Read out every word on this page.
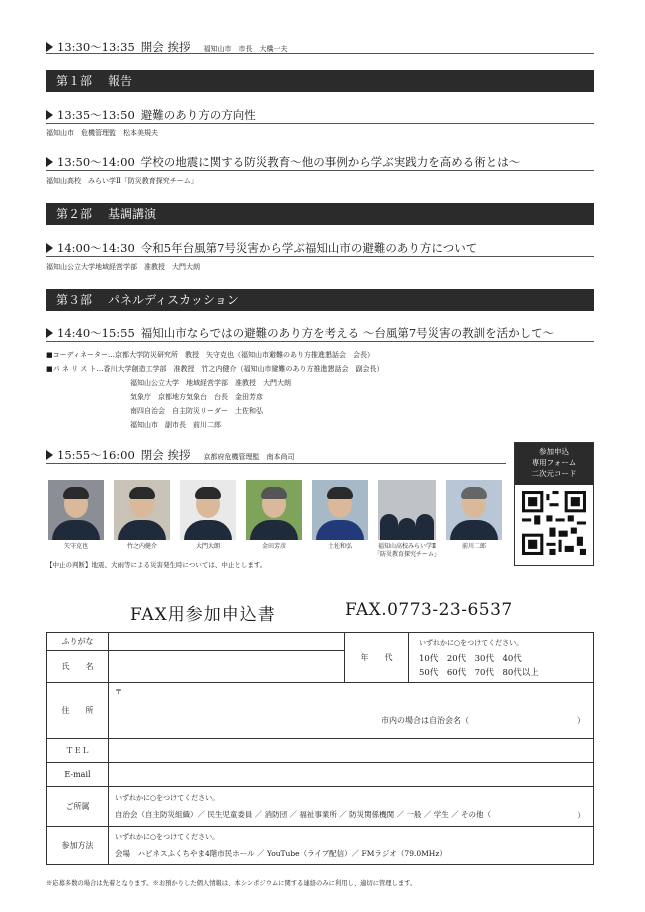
13:30〜13:35 開会 挨拶 福知山市　市長　大橋一夫
第１部 報告
13:35〜13:50 避難のあり方の方向性
福知山市　危機管理監　松本美規夫
13:50〜14:00 学校の地震に関する防災教育〜他の事例から学ぶ実践力を高める術とは〜
福知山高校　みらい学Ⅱ「防災教育探究チーム」
第２部 基調講演
14:00〜14:30 令和5年台風第7号災害から学ぶ福知山市の避難のあり方について
福知山公立大学地域経営学部　准教授　大門大朗
第３部 パネルディスカッション
14:40〜15:55 福知山市ならではの避難のあり方を考える 〜台風第7号災害の教訓を活かして〜
■コーディネーター…京都大学防災研究所　教授　矢守克也（福知山市避難のあり方推進懇話会　会長）
■パ ネ リ ス ト…香川大学創造工学部　准教授　竹之内健介（福知山市避難のあり方推進懇話会　副会長）
福知山公立大学　地域経営学部　准教授　大門大朗
気象庁　京都地方気象台　台長　金田芳彦
南四自治会　自主防災リーダー　土佐和弘
福知山市　副市長　前川二郎
15:55〜16:00 閉会 挨拶 京都府危機管理監　南本尚司
矢守克也	竹之内健介	大門大朗	金田芳彦	土佐和弘	福知山高校みらい学Ⅱ「防災教育探究チーム」
前川二郎
参加申込
専用フォーム
二次元コード
【中止の判断】地震、大雨等による災害発生時については、中止とします。
FAX用参加申込書	FAX.0773-23-6537
ふりがな		年　　代	いずれかに○をつけてください。
10代　20代　30代　40代
50代　60代　70代　80代以上

氏　　名			
住　　所	〒
市内の場合は自治会名（ ）		

ＴＥＬ			
E-mail			
ご所属	いずれかに○をつけてください。
自治会（自主防災組織）／ 民生児童委員 ／ 消防団 ／ 福祉事業所 ／ 防災関係機関 ／ 一般 ／ 学生 ／ その他（ ）		

参加方法	いずれかに○をつけてください。
会場　ハピネスふくちやま4階市民ホール ／ YouTube（ライブ配信）／ FMラジオ（79.0MHz）		
※応募多数の場合は先着となります。※お預かりした個人情報は、本シンポジウムに関する連絡のみに利用し、適切に管理します。
